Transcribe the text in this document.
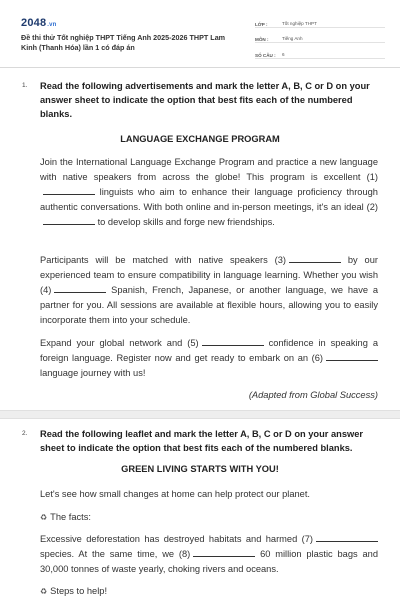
2048.vn
Đề thi thử Tốt nghiệp THPT Tiếng Anh 2025-2026 THPT Lam Kinh (Thanh Hóa) lần 1 có đáp án
LỚP :	Tốt nghiệp THPT
MÔN :	Tiếng Anh
SỐ CÂU :	6
1. Read the following advertisements and mark the letter A, B, C or D on your answer sheet to indicate the option that best fits each of the numbered blanks.
LANGUAGE EXCHANGE PROGRAM
Join the International Language Exchange Program and practice a new language with native speakers from across the globe! This program is excellent (1) linguists who aim to enhance their language proficiency through authentic conversations. With both online and in-person meetings, it's an ideal (2) to develop skills and forge new friendships.
Participants will be matched with native speakers (3)	by our experienced team to ensure compatibility in language learning. Whether you wish (4)	Spanish, French, Japanese, or another language, we have a partner for you. All sessions are available at flexible hours, allowing you to easily incorporate them into your schedule.
Expand your global network and (5)	confidence in speaking a foreign language. Register now and get ready to embark on an (6) language journey with us!
(Adapted from Global Success)
2. Read the following leaflet and mark the letter A, B, C or D on your answer sheet to indicate the option that best fits each of the numbered blanks.
GREEN LIVING STARTS WITH YOU!
Let's see how small changes at home can help protect our planet.
♻ The facts:
Excessive deforestation has destroyed habitats and harmed (7) species. At the same time, we (8)	60 million plastic bags and 30,000 tonnes of waste yearly, choking rivers and oceans.
♻ Steps to help!
